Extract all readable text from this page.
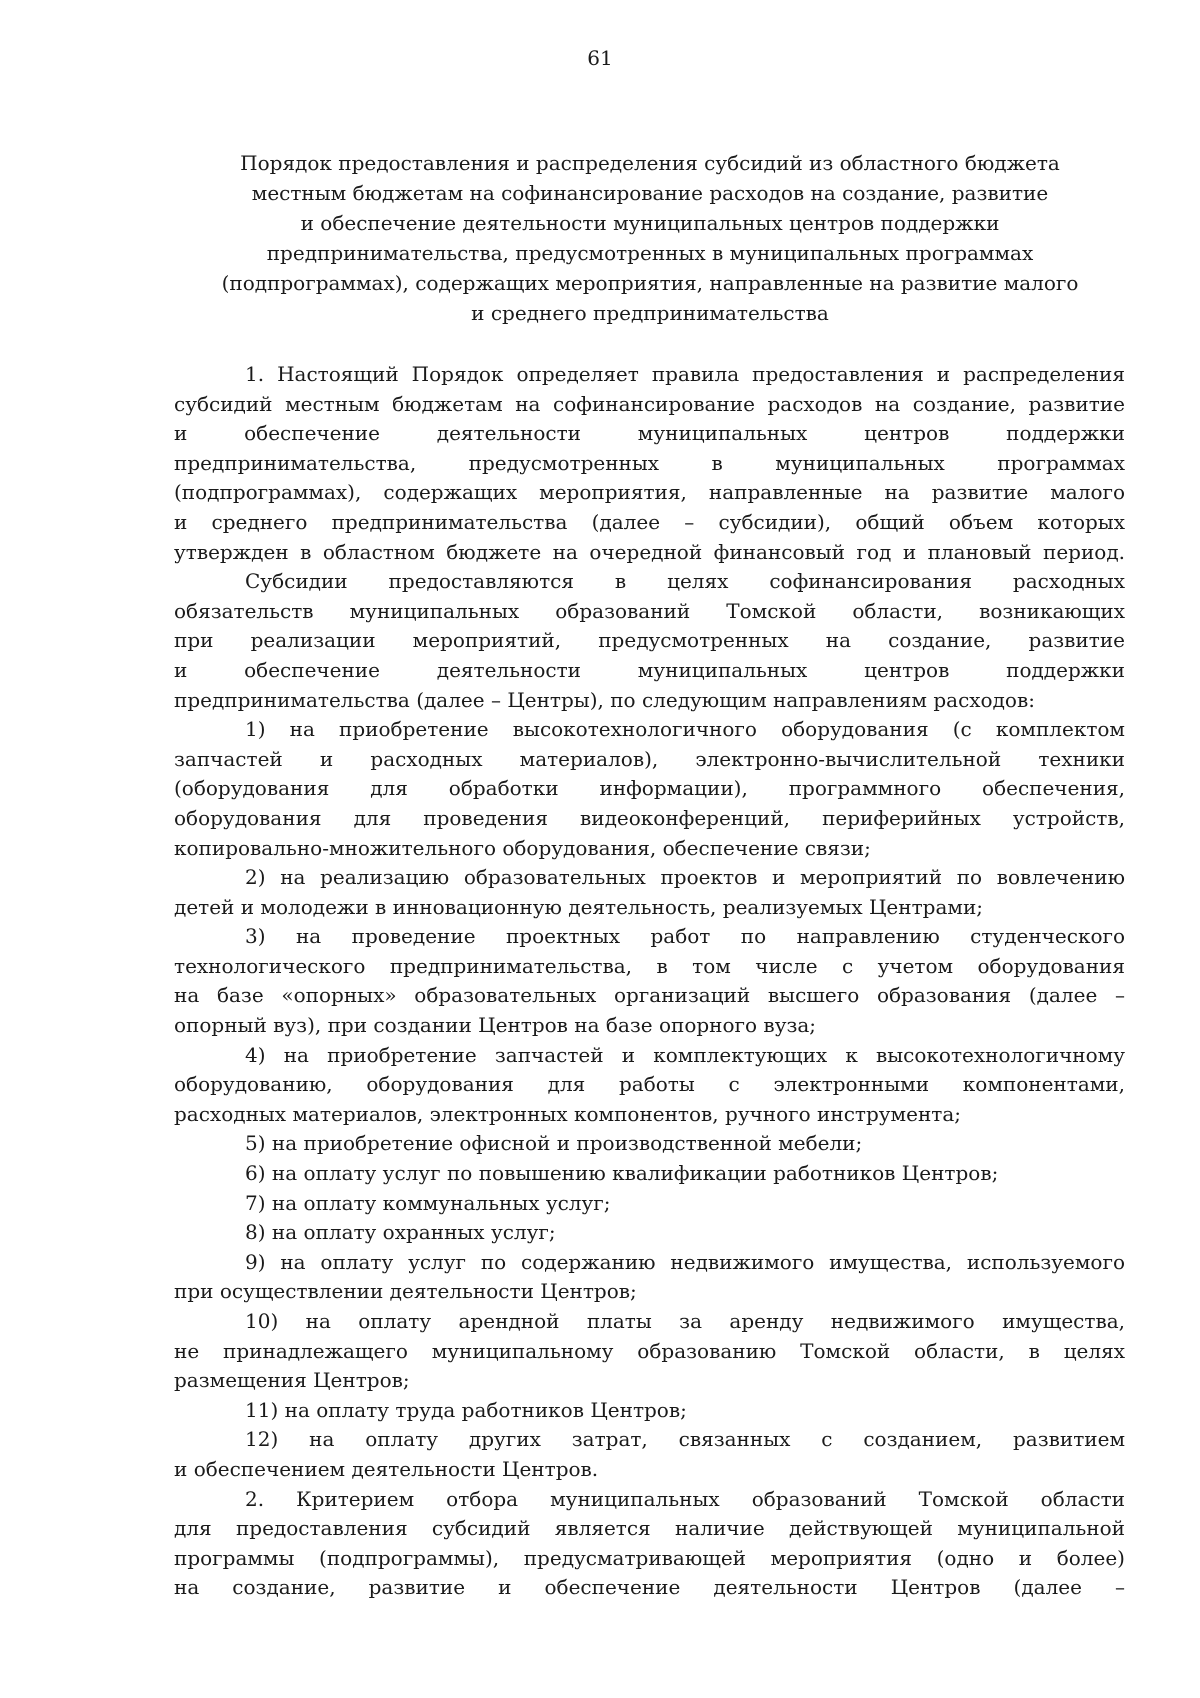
61
Порядок предоставления и распределения субсидий из областного бюджета
местным бюджетам на софинансирование расходов на создание, развитие
и обеспечение деятельности муниципальных центров поддержки
предпринимательства, предусмотренных в муниципальных программах
(подпрограммах), содержащих мероприятия, направленные на развитие малого
и среднего предпринимательства
1. Настоящий Порядок определяет правила предоставления и распределения
субсидий местным бюджетам на софинансирование расходов на создание, развитие
и обеспечение деятельности муниципальных центров поддержки
предпринимательства, предусмотренных в муниципальных программах
(подпрограммах), содержащих мероприятия, направленные на развитие малого
и среднего предпринимательства (далее – субсидии), общий объем которых
утвержден в областном бюджете на очередной финансовый год и плановый период.
Субсидии предоставляются в целях софинансирования расходных
обязательств муниципальных образований Томской области, возникающих
при реализации мероприятий, предусмотренных на создание, развитие
и обеспечение деятельности муниципальных центров поддержки
предпринимательства (далее – Центры), по следующим направлениям расходов:
1) на приобретение высокотехнологичного оборудования (с комплектом
запчастей и расходных материалов), электронно-вычислительной техники
(оборудования для обработки информации), программного обеспечения,
оборудования для проведения видеоконференций, периферийных устройств,
копировально-множительного оборудования, обеспечение связи;
2) на реализацию образовательных проектов и мероприятий по вовлечению
детей и молодежи в инновационную деятельность, реализуемых Центрами;
3) на проведение проектных работ по направлению студенческого
технологического предпринимательства, в том числе с учетом оборудования
на базе «опорных» образовательных организаций высшего образования (далее –
опорный вуз), при создании Центров на базе опорного вуза;
4) на приобретение запчастей и комплектующих к высокотехнологичному
оборудованию, оборудования для работы с электронными компонентами,
расходных материалов, электронных компонентов, ручного инструмента;
5) на приобретение офисной и производственной мебели;
6) на оплату услуг по повышению квалификации работников Центров;
7) на оплату коммунальных услуг;
8) на оплату охранных услуг;
9) на оплату услуг по содержанию недвижимого имущества, используемого
при осуществлении деятельности Центров;
10) на оплату арендной платы за аренду недвижимого имущества,
не принадлежащего муниципальному образованию Томской области, в целях
размещения Центров;
11) на оплату труда работников Центров;
12) на оплату других затрат, связанных с созданием, развитием
и обеспечением деятельности Центров.
2. Критерием отбора муниципальных образований Томской области
для предоставления субсидий является наличие действующей муниципальной
программы (подпрограммы), предусматривающей мероприятия (одно и более)
на создание, развитие и обеспечение деятельности Центров (далее –
